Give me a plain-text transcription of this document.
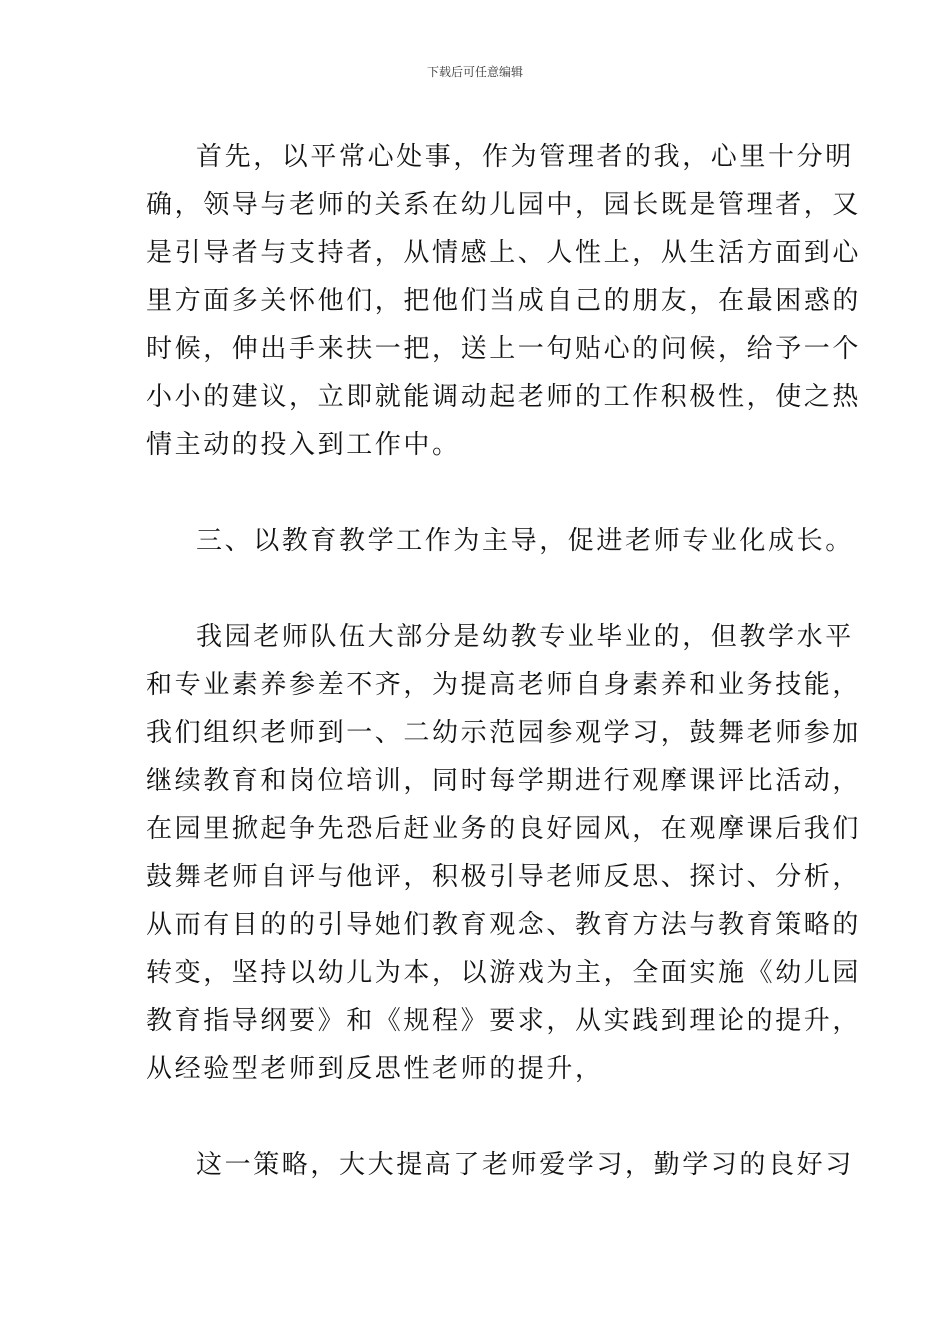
下载后可任意编辑
首先，以平常心处事，作为管理者的我，心里十分明
确，领导与老师的关系在幼儿园中，园长既是管理者，又
是引导者与支持者，从情感上、人性上，从生活方面到心
里方面多关怀他们，把他们当成自己的朋友，在最困惑的
时候，伸出手来扶一把，送上一句贴心的问候，给予一个
小小的建议，立即就能调动起老师的工作积极性，使之热
情主动的投入到工作中。
三、以教育教学工作为主导，促进老师专业化成长。
我园老师队伍大部分是幼教专业毕业的，但教学水平
和专业素养参差不齐，为提高老师自身素养和业务技能，
我们组织老师到一、二幼示范园参观学习，鼓舞老师参加
继续教育和岗位培训，同时每学期进行观摩课评比活动，
在园里掀起争先恐后赶业务的良好园风，在观摩课后我们
鼓舞老师自评与他评，积极引导老师反思、探讨、分析，
从而有目的的引导她们教育观念、教育方法与教育策略的
转变，坚持以幼儿为本，以游戏为主，全面实施《幼儿园
教育指导纲要》和《规程》要求，从实践到理论的提升，
从经验型老师到反思性老师的提升，
这一策略，大大提高了老师爱学习，勤学习的良好习
